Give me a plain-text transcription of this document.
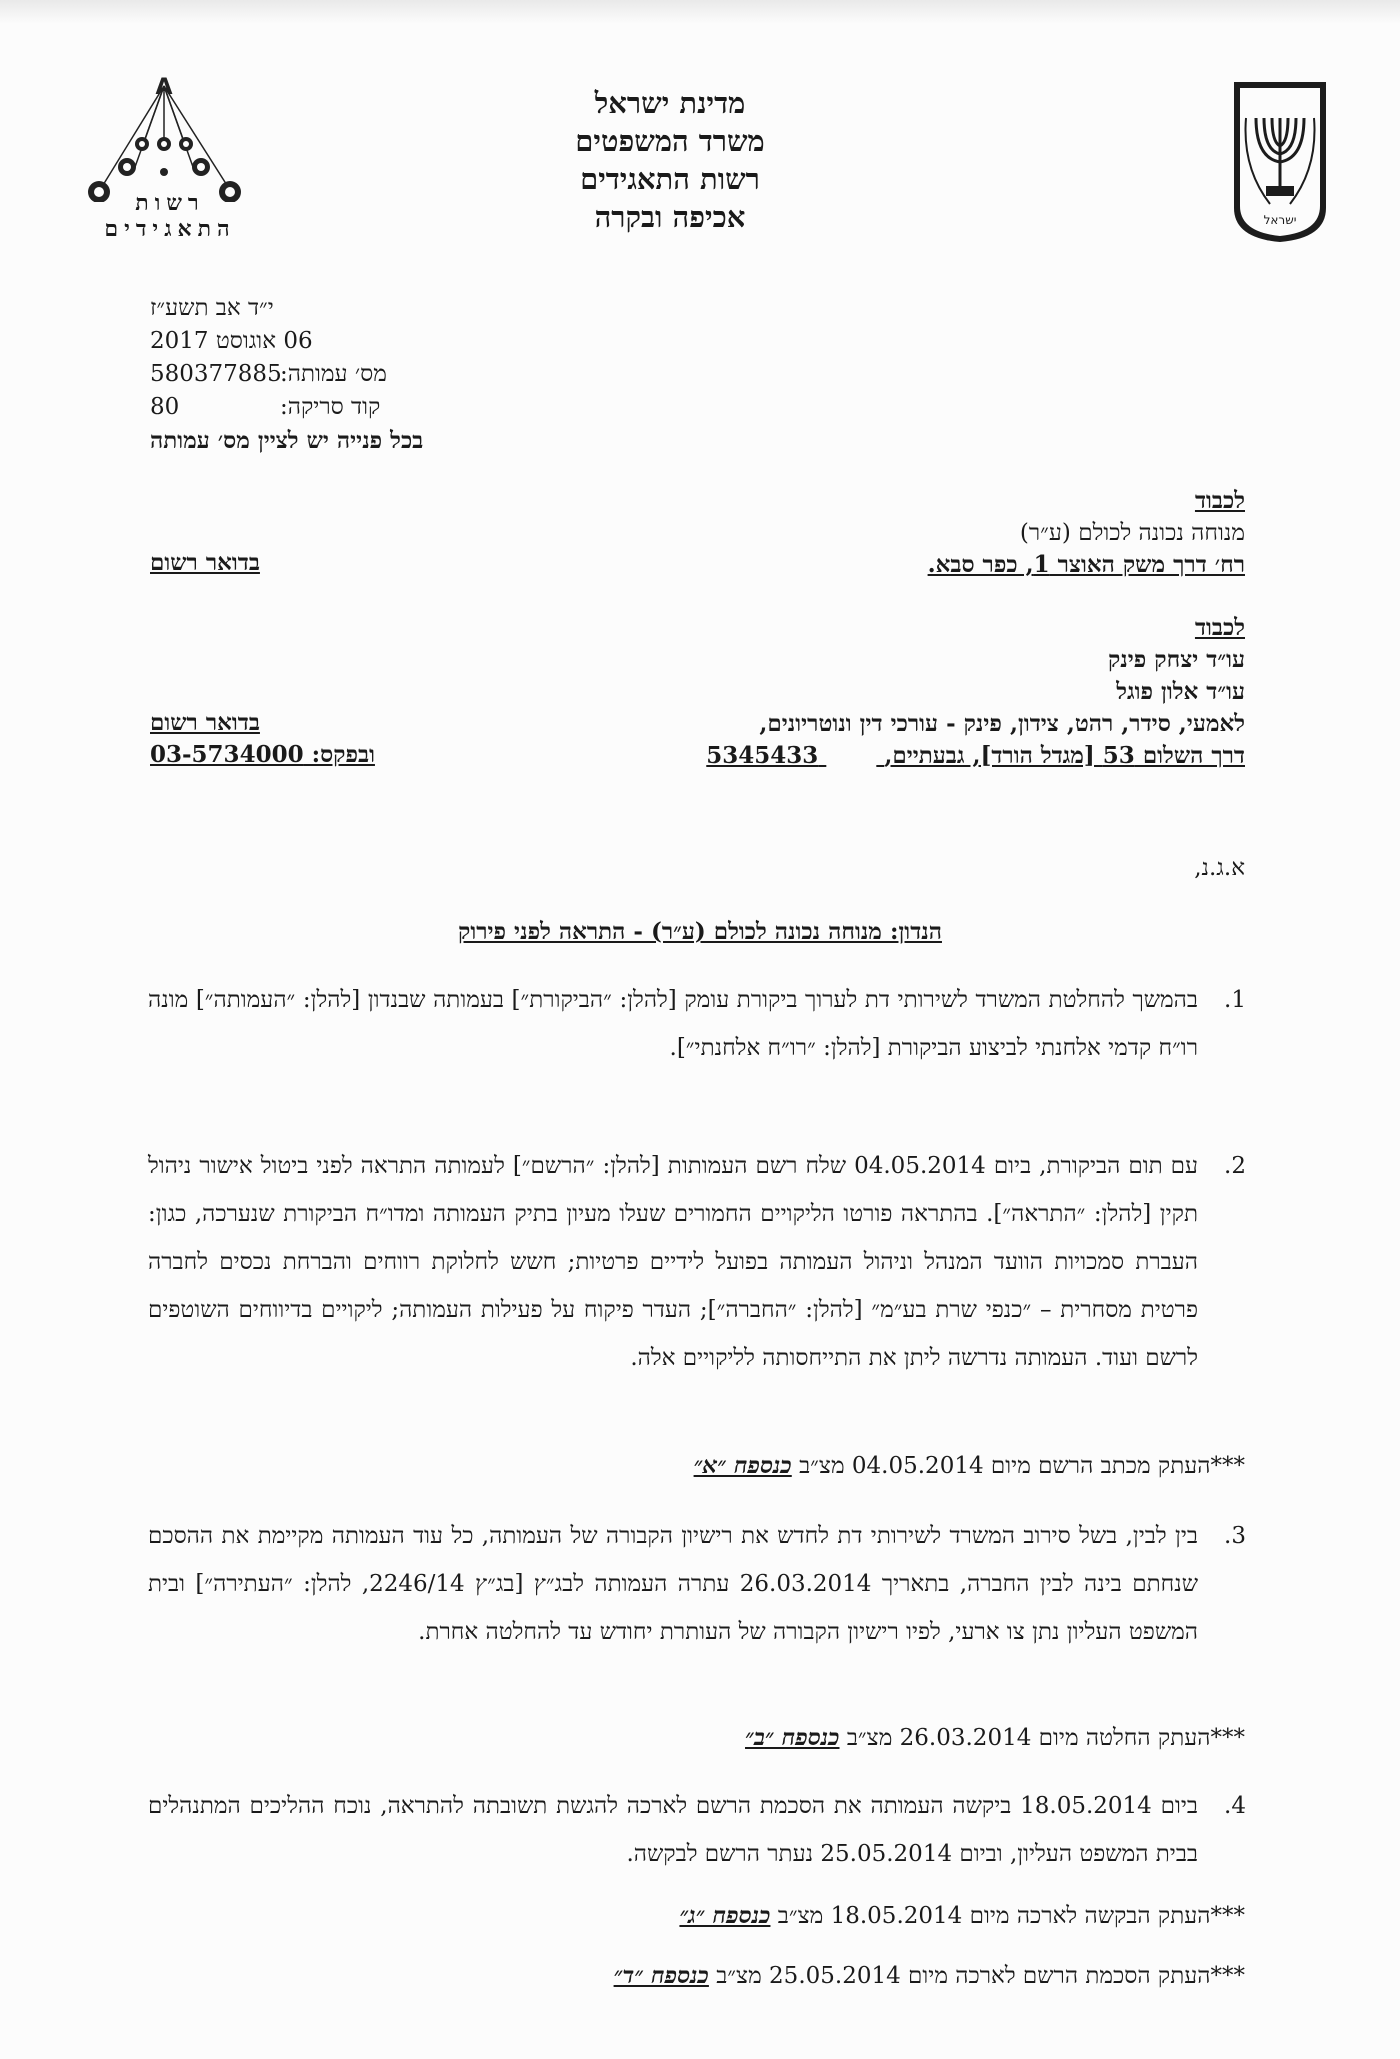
A
רשות
התאגידים
מדינת ישראל
משרד המשפטים
רשות התאגידים
אכיפה ובקרה	ישראל
י״ד אב תשע״ז
06 אוגוסט 2017
מס׳ עמותה:
580377885
קוד סריקה:
80
בכל פנייה יש לציין מס׳ עמותה
לכבוד
מנוחה נכונה לכולם (ע״ר)
רח׳ דרך משק האוצר 1, כפר סבא.
בדואר רשום
לכבוד
עו״ד יצחק פינק
עו״ד אלון פוגל
לאמעי, סידר, רהט, צידון, פינק - עורכי דין ונוטריונים,
דרך השלום 53 [מגדל הורד], גבעתיים,  5345433
בדואר רשום
ובפקס: 03-5734000
א.ג.נ,
הנדון: מנוחה נכונה לכולם (ע״ר) - התראה לפני פירוק
1.
בהמשך להחלטת המשרד לשירותי דת לערוך ביקורת עומק [להלן: ״הביקורת״] בעמותה שבנדון [להלן: ״העמותה״] מונה רו״ח קדמי אלחנתי לביצוע הביקורת [להלן: ״רו״ח אלחנתי״].
2.
עם תום הביקורת, ביום 04.05.2014 שלח רשם העמותות [להלן: ״הרשם״] לעמותה התראה לפני ביטול אישור ניהול תקין [להלן: ״התראה״]. בהתראה פורטו הליקויים החמורים שעלו מעיון בתיק העמותה ומדו״ח הביקורת שנערכה, כגון: העברת סמכויות הוועד המנהל וניהול העמותה בפועל לידיים פרטיות; חשש לחלוקת רווחים והברחת נכסים לחברה פרטית מסחרית – ״כנפי שרת בע״מ״ [להלן: ״החברה״]; העדר פיקוח על פעילות העמותה; ליקויים בדיווחים השוטפים לרשם ועוד. העמותה נדרשה ליתן את התייחסותה לליקויים אלה.
***העתק מכתב הרשם מיום 04.05.2014 מצ״ב כנספח ״א״
3.
בין לבין, בשל סירוב המשרד לשירותי דת לחדש את רישיון הקבורה של העמותה, כל עוד העמותה מקיימת את ההסכם שנחתם בינה לבין החברה, בתאריך 26.03.2014 עתרה העמותה לבג״ץ [בג״ץ 2246/14, להלן: ״העתירה״] ובית המשפט העליון נתן צו ארעי, לפיו רישיון הקבורה של העותרת יחודש עד להחלטה אחרת.
***העתק החלטה מיום 26.03.2014 מצ״ב כנספח ״ב״
4.
ביום 18.05.2014 ביקשה העמותה את הסכמת הרשם לארכה להגשת תשובתה להתראה, נוכח ההליכים המתנהלים בבית המשפט העליון, וביום 25.05.2014 נעתר הרשם לבקשה.
***העתק הבקשה לארכה מיום 18.05.2014 מצ״ב כנספח ״ג״
***העתק הסכמת הרשם לארכה מיום 25.05.2014 מצ״ב כנספח ״ד״
